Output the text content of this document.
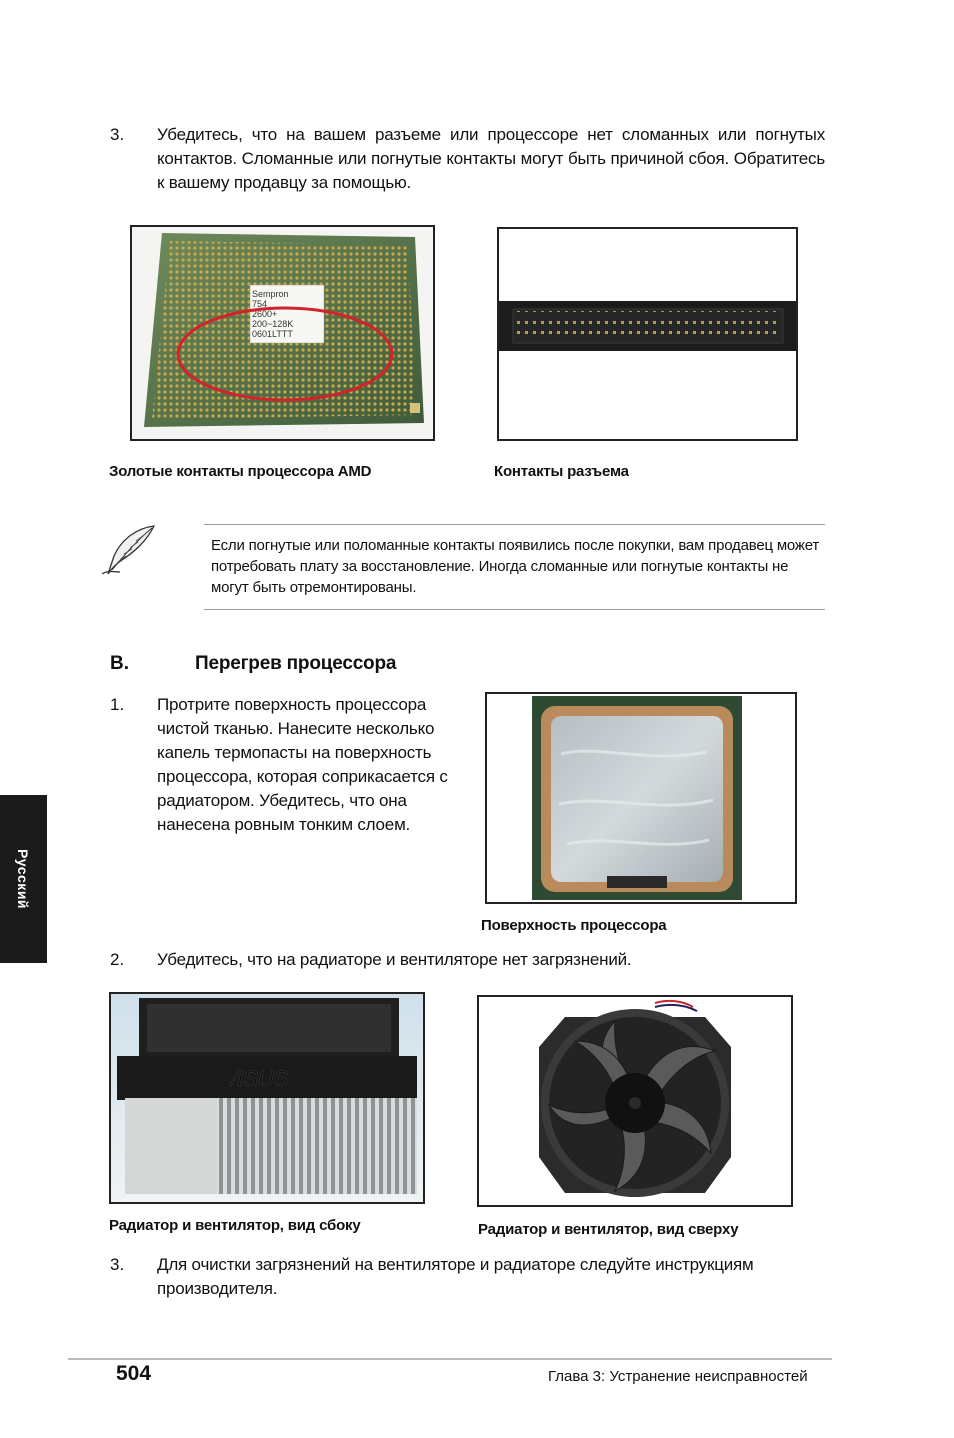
Русский
3. Убедитесь, что на вашем разъеме или процессоре нет сломанных или погнутых контактов. Сломанные или погнутые контакты могут быть причиной сбоя. Обратитесь к вашему продавцу за помощью.
Sempron
754
2600+
200~128K
0601LTTT
Золотые контакты процессора AMD	Контакты разъема
Если погнутые или поломанные контакты появились после покупки, вам продавец может потребовать плату за восстановление. Иногда сломанные или погнутые контакты не могут быть отремонтированы.
B.	Перегрев процессора
1. Протрите поверхность процессора чистой тканью. Нанесите несколько капель термопасты на поверхность процессора, которая соприкасается с радиатором. Убедитесь, что она нанесена ровным тонким слоем.
Поверхность процессора
2. Убедитесь, что на радиаторе и вентиляторе нет загрязнений.
/ISUS
Радиатор и вентилятор, вид сбоку	Радиатор и вентилятор, вид сверху
3. Для очистки загрязнений на вентиляторе и радиаторе следуйте инструкциям производителя.
504	Глава 3: Устранение неисправностей
